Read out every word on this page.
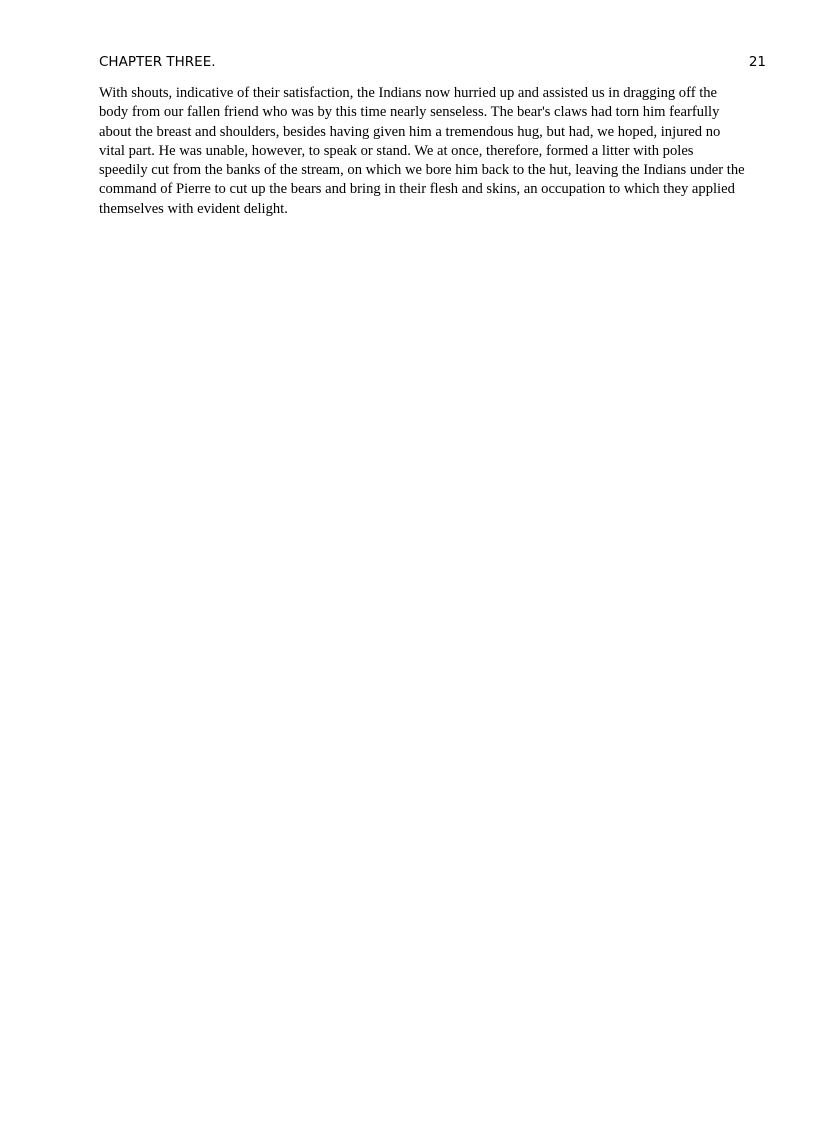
CHAPTER THREE.	21

With shouts, indicative of their satisfaction, the Indians now hurried up and assisted us in dragging off the
body from our fallen friend who was by this time nearly senseless. The bear's claws had torn him fearfully
about the breast and shoulders, besides having given him a tremendous hug, but had, we hoped, injured no
vital part. He was unable, however, to speak or stand. We at once, therefore, formed a litter with poles
speedily cut from the banks of the stream, on which we bore him back to the hut, leaving the Indians under the
command of Pierre to cut up the bears and bring in their flesh and skins, an occupation to which they applied
themselves with evident delight.
